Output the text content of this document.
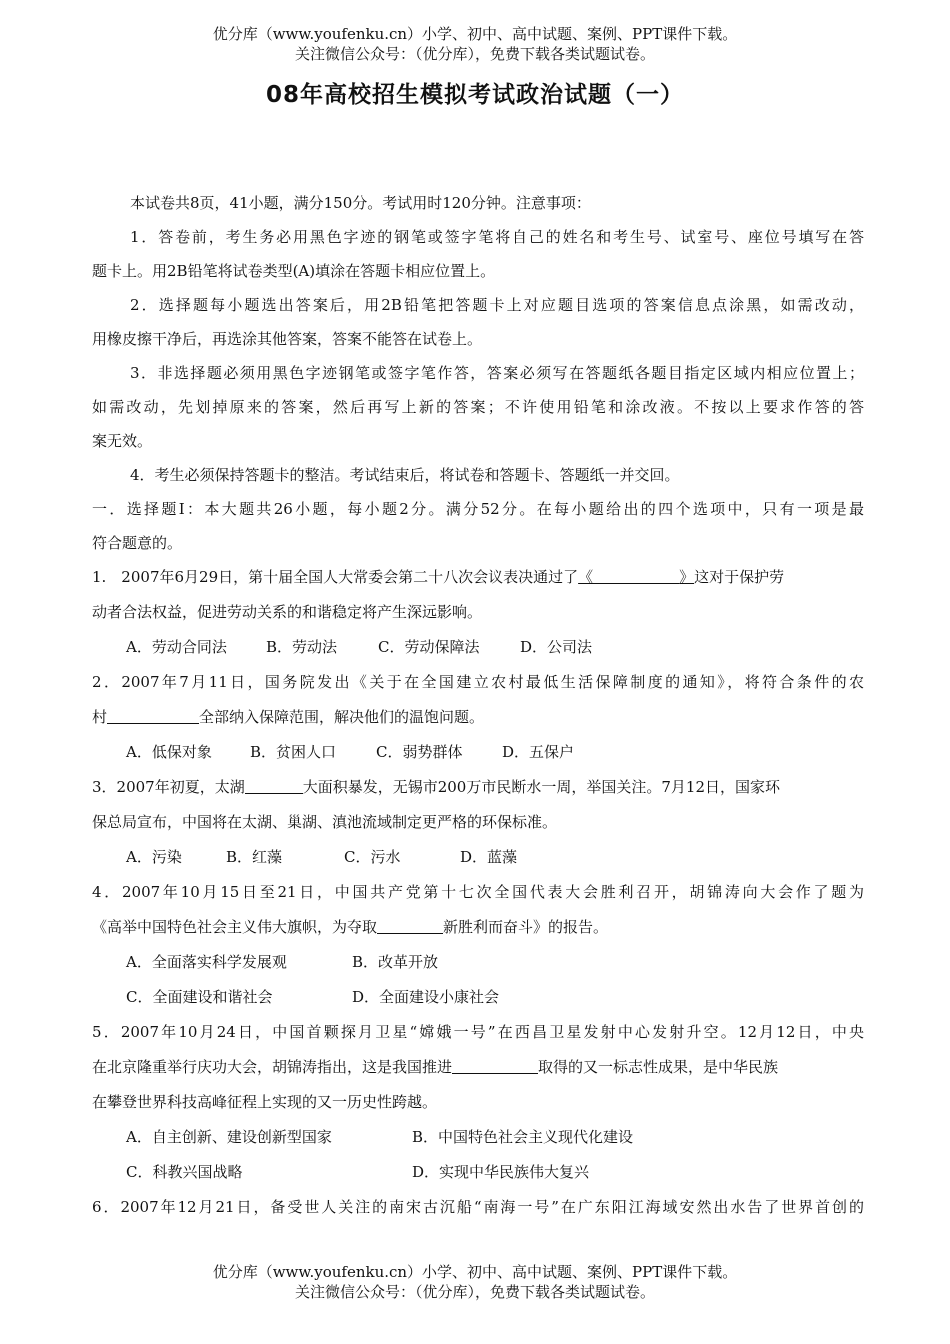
优分库（www.youfenku.cn）小学、初中、高中试题、案例、PPT课件下载。
关注微信公众号：（优分库），免费下载各类试题试卷。
08年高校招生模拟考试政治试题（一）
本试卷共8页，41小题，满分150分。考试用时120分钟。注意事项：
1．答卷前，考生务必用黑色字迹的钢笔或签字笔将自己的姓名和考生号、试室号、座位号填写在答
题卡上。用2B铅笔将试卷类型(A)填涂在答题卡相应位置上。
2．选择题每小题选出答案后，用2B铅笔把答题卡上对应题目选项的答案信息点涂黑，如需改动，
用橡皮擦干净后，再选涂其他答案，答案不能答在试卷上。
3．非选择题必须用黑色字迹钢笔或签字笔作答，答案必须写在答题纸各题目指定区域内相应位置上；
如需改动，先划掉原来的答案，然后再写上新的答案；不许使用铅笔和涂改液。不按以上要求作答的答
案无效。
4．考生必须保持答题卡的整洁。考试结束后，将试卷和答题卡、答题纸一并交回。
一．选择题Ⅰ：本大题共26小题，每小题2分。满分52分。在每小题给出的四个选项中，只有一项是最
符合题意的。
1.　2007年6月29日，第十届全国人大常委会第二十八次会议表决通过了《	》这对于保护劳
动者合法权益，促进劳动关系的和谐稳定将产生深远影响。
A．劳动合同法	B．劳动法	C．劳动保障法	D．公司法
2．2007年7月11日，国务院发出《关于在全国建立农村最低生活保障制度的通知》，将符合条件的农
村	全部纳入保障范围，解决他们的温饱问题。
A．低保对象	B．贫困人口	C．弱势群体	D．五保户
3．2007年初夏，太湖	大面积暴发，无锡市200万市民断水一周，举国关注。7月12日，国家环
保总局宣布，中国将在太湖、巢湖、滇池流域制定更严格的环保标准。
A．污染	B．红藻	C．污水	D．蓝藻
4．2007年10月15日至21日，中国共产党第十七次全国代表大会胜利召开，胡锦涛向大会作了题为
《高举中国特色社会主义伟大旗帜，为夺取	新胜利而奋斗》的报告。
A．全面落实科学发展观	B．改革开放
C．全面建设和谐社会	D．全面建设小康社会
5．2007年10月24日，中国首颗探月卫星“嫦娥一号”在西昌卫星发射中心发射升空。12月12日，中央
在北京隆重举行庆功大会，胡锦涛指出，这是我国推进	取得的又一标志性成果，是中华民族
在攀登世界科技高峰征程上实现的又一历史性跨越。
A．自主创新、建设创新型国家	B．中国特色社会主义现代化建设
C．科教兴国战略	D．实现中华民族伟大复兴
6．2007年12月21日，备受世人关注的南宋古沉船“南海一号”在广东阳江海域安然出水告了世界首创的
优分库（www.youfenku.cn）小学、初中、高中试题、案例、PPT课件下载。
关注微信公众号：（优分库），免费下载各类试题试卷。
